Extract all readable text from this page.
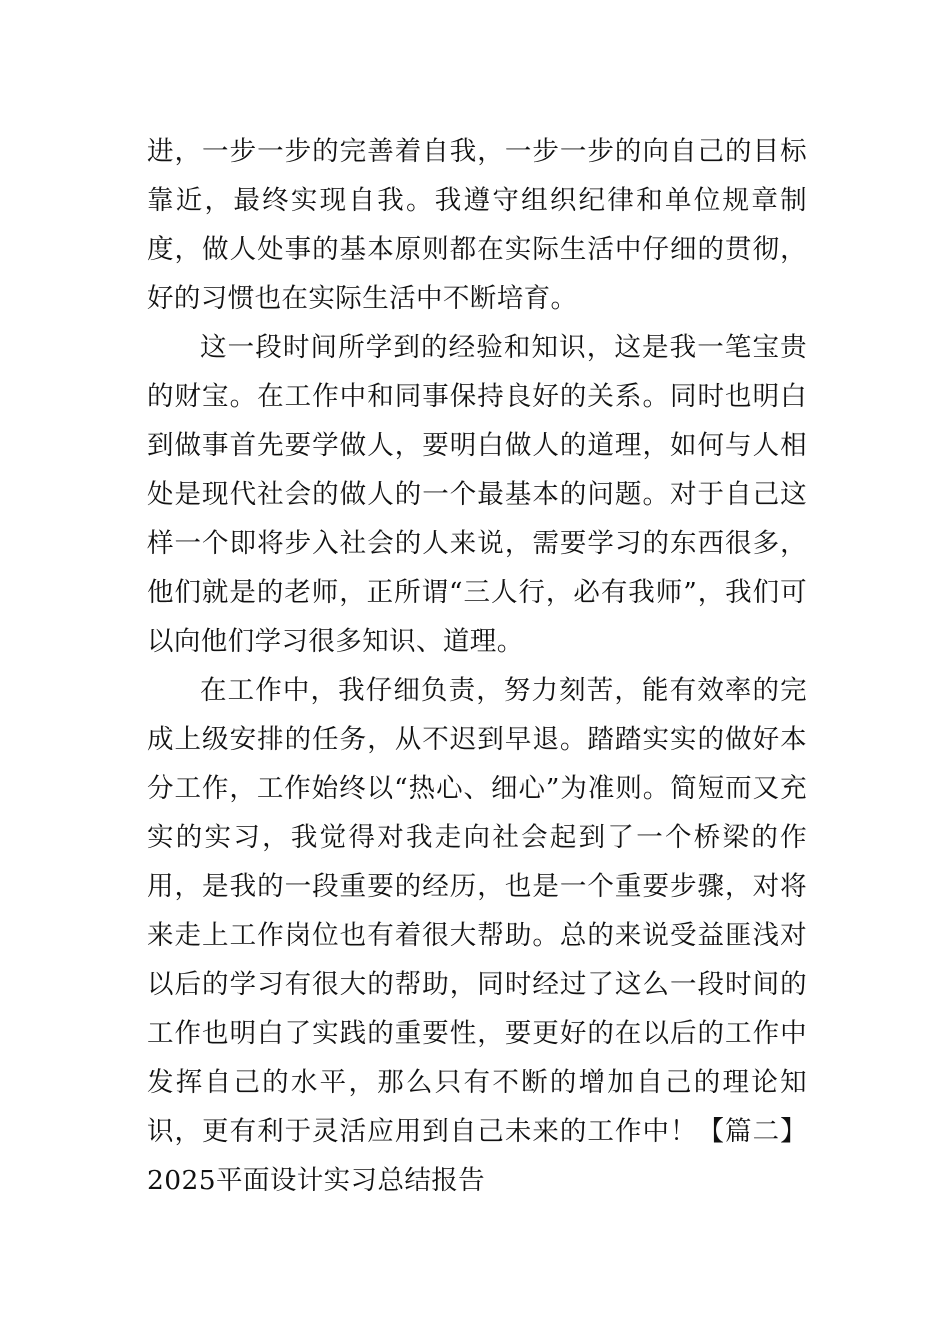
进，一步一步的完善着自我，一步一步的向自己的目标靠近，最终实现自我。我遵守组织纪律和单位规章制度，做人处事的基本原则都在实际生活中仔细的贯彻，好的习惯也在实际生活中不断培育。

这一段时间所学到的经验和知识，这是我一笔宝贵的财宝。在工作中和同事保持良好的关系。同时也明白到做事首先要学做人，要明白做人的道理，如何与人相处是现代社会的做人的一个最基本的问题。对于自己这样一个即将步入社会的人来说，需要学习的东西很多，他们就是的老师，正所谓“三人行，必有我师”，我们可以向他们学习很多知识、道理。

在工作中，我仔细负责，努力刻苦，能有效率的完成上级安排的任务，从不迟到早退。踏踏实实的做好本分工作，工作始终以“热心、细心”为准则。简短而又充实的实习，我觉得对我走向社会起到了一个桥梁的作用，是我的一段重要的经历，也是一个重要步骤，对将来走上工作岗位也有着很大帮助。总的来说受益匪浅对以后的学习有很大的帮助，同时经过了这么一段时间的工作也明白了实践的重要性，要更好的在以后的工作中发挥自己的水平，那么只有不断的增加自己的理论知识，更有利于灵活应用到自己未来的工作中！【篇二】2025平面设计实习总结报告
